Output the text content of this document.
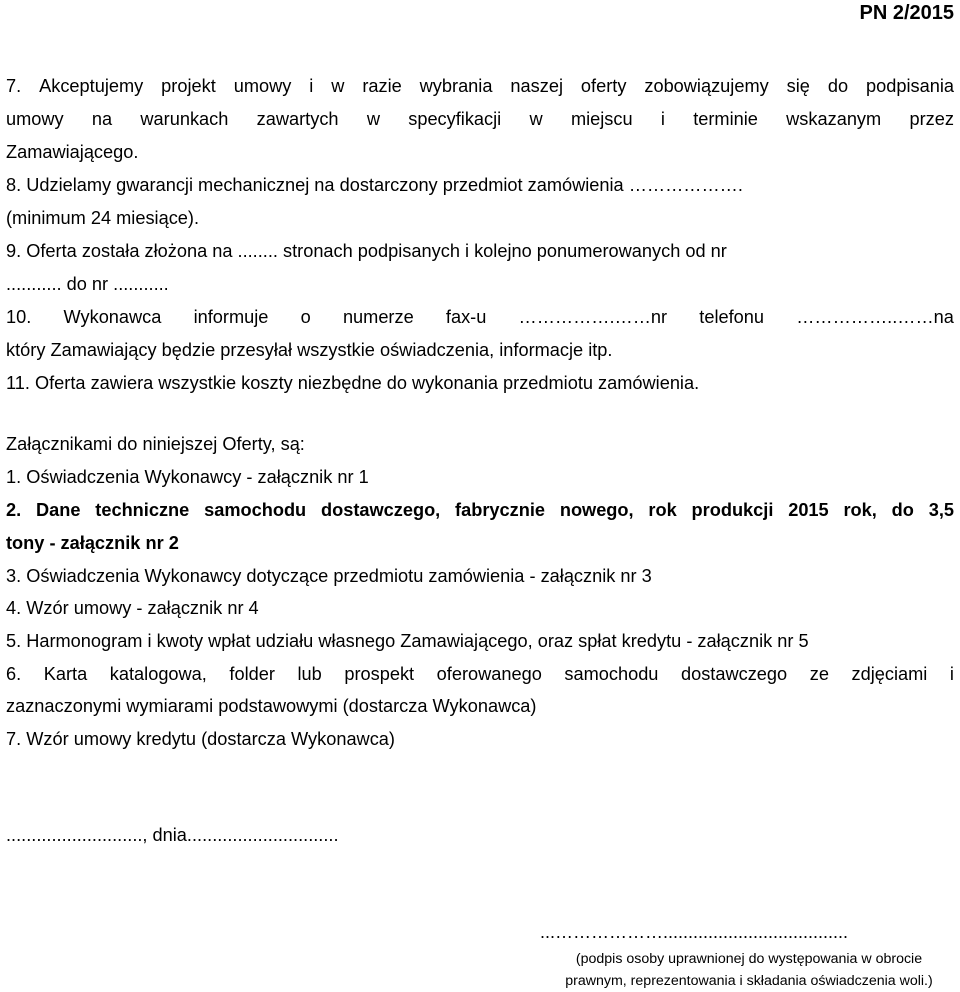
PN 2/2015
7. Akceptujemy projekt umowy i w razie wybrania naszej oferty zobowiązujemy się do podpisania
umowy na warunkach zawartych w specyfikacji w miejscu i terminie wskazanym przez
Zamawiającego.
8. Udzielamy gwarancji mechanicznej na dostarczony przedmiot zamówienia ……………….
(minimum 24 miesiące).
9. Oferta została złożona na ........ stronach podpisanych i kolejno ponumerowanych od nr
........... do nr ...........
10. Wykonawca informuje o numerze fax-u …………….……nr telefonu ……………..……na
który Zamawiający będzie przesyłał wszystkie oświadczenia, informacje itp.
11. Oferta zawiera wszystkie koszty niezbędne do wykonania przedmiotu zamówienia.
Załącznikami do niniejszej Oferty, są:
1. Oświadczenia Wykonawcy - załącznik nr 1
2. Dane techniczne samochodu dostawczego, fabrycznie nowego, rok produkcji 2015 rok, do 3,5
tony - załącznik nr 2
3. Oświadczenia Wykonawcy dotyczące przedmiotu zamówienia - załącznik nr 3
4. Wzór umowy - załącznik nr 4
5. Harmonogram i kwoty wpłat udziału własnego Zamawiającego, oraz spłat kredytu - załącznik nr 5
6. Karta katalogowa, folder lub prospekt oferowanego samochodu dostawczego ze zdjęciami i
zaznaczonymi wymiarami podstawowymi (dostarcza Wykonawca)
7. Wzór umowy kredytu (dostarcza Wykonawca)
..........................., dnia..............................
...……………….....................................
(podpis osoby uprawnionej do występowania w obrocie
prawnym, reprezentowania i składania oświadczenia woli.)
